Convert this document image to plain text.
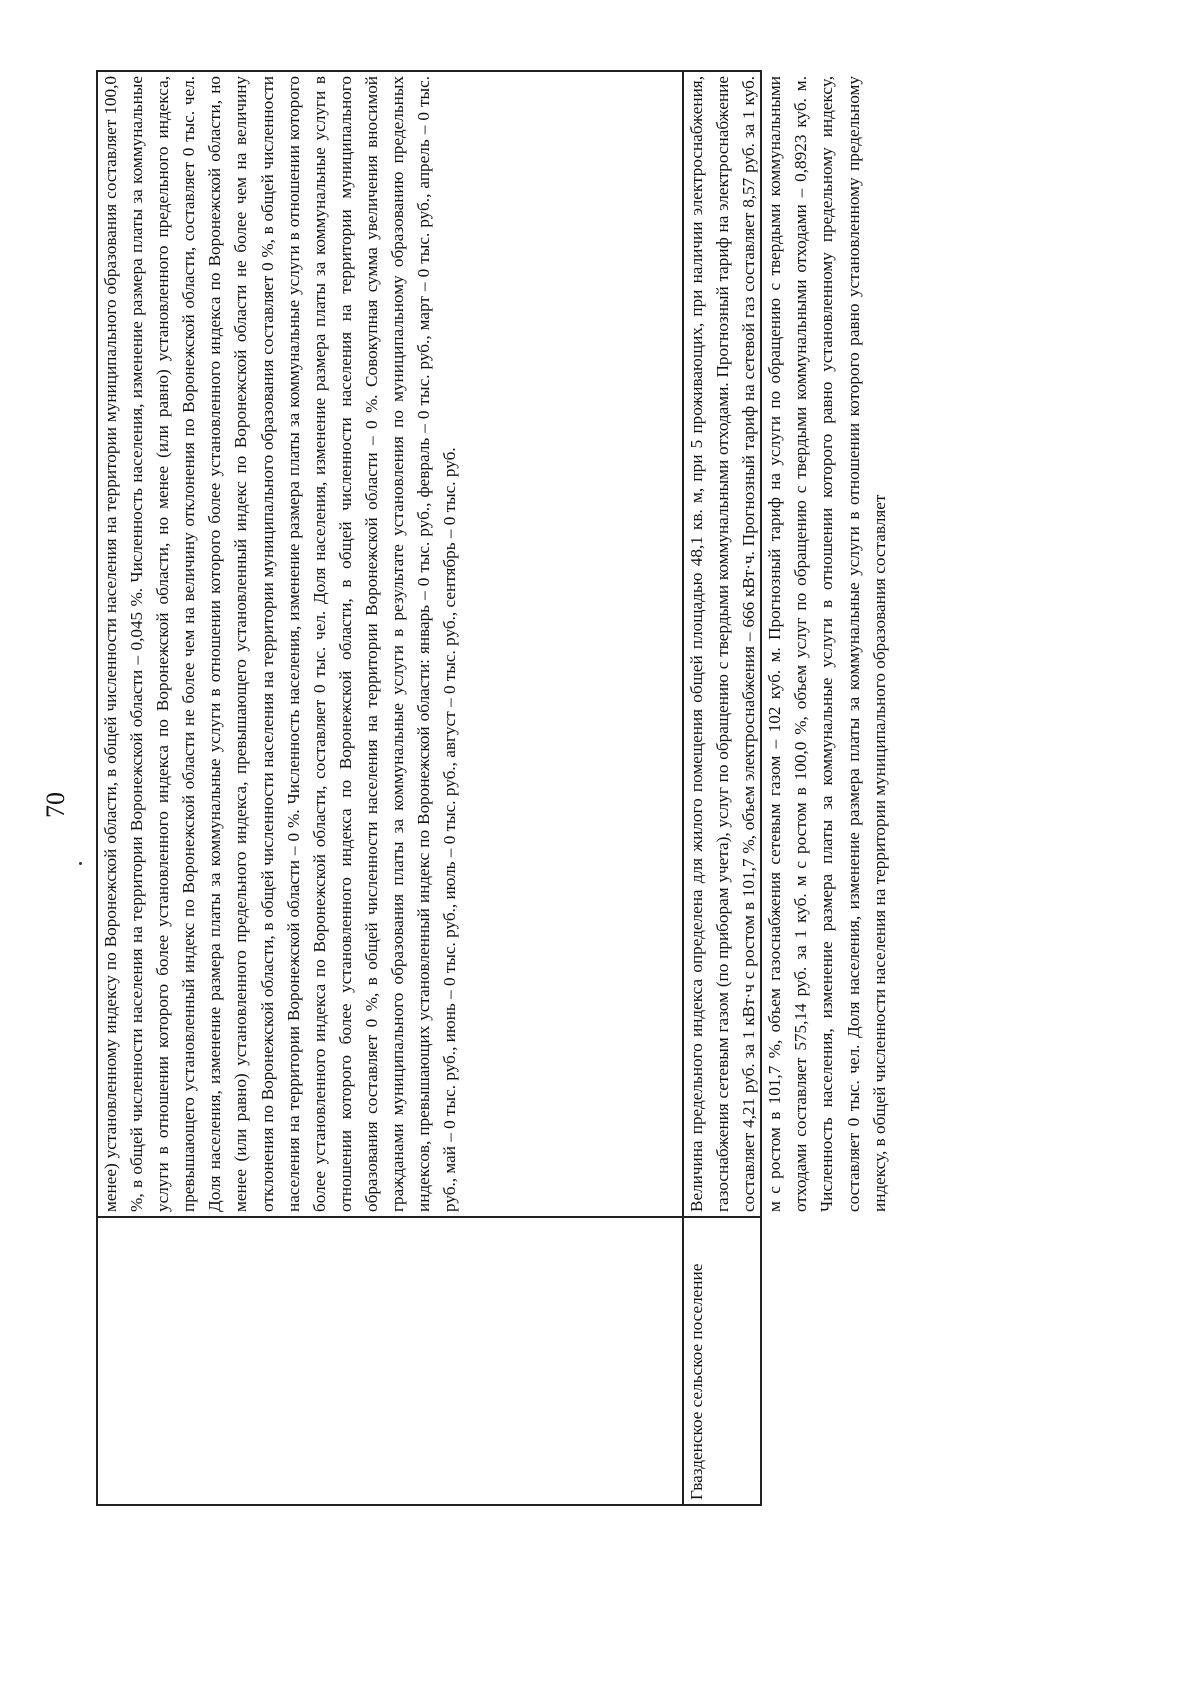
70
	менее) установленному индексу по Воронежской области, в общей численности населения на территории муниципального образования составляет 100,0 %, в общей численности населения на территории Воронежской области – 0,045 %. Численность населения, изменение размера платы за коммунальные услуги в отношении которого более установленного индекса по Воронежской области, но менее (или равно) установленного предельного индекса, превышающего установленный индекс по Воронежской области не более чем на величину отклонения по Воронежской области, составляет 0 тыс. чел. Доля населения, изменение размера платы за коммунальные услуги в отношении которого более установленного индекса по Воронежской области, но менее (или равно) установленного предельного индекса, превышающего установленный индекс по Воронежской области не более чем на величину отклонения по Воронежской области, в общей численности населения на территории муниципального образования составляет 0 %, в общей численности населения на территории Воронежской области – 0 %. Численность населения, изменение размера платы за коммунальные услуги в отношении которого более установленного индекса по Воронежской области, составляет 0 тыс. чел. Доля населения, изменение размера платы за коммунальные услуги в отношении которого более установленного индекса по Воронежской области, в общей численности населения на территории муниципального образования составляет 0 %, в общей численности населения на территории Воронежской области – 0 %. Совокупная сумма увеличения вносимой гражданами муниципального образования платы за коммунальные услуги в результате установления по муниципальному образованию предельных индексов, превышающих установленный индекс по Воронежской области: январь – 0 тыс. руб., февраль – 0 тыс. руб., март – 0 тыс. руб., апрель – 0 тыс. руб., май – 0 тыс. руб., июнь – 0 тыс. руб., июль – 0 тыс. руб., август – 0 тыс. руб., сентябрь – 0 тыс. руб.
Гвазденское сельское поселение	Величина предельного индекса определена для жилого помещения общей площадью 48,1 кв. м, при 5 проживающих, при наличии электроснабжения, газоснабжения сетевым газом (по приборам учета), услуг по обращению с твердыми коммунальными отходами. Прогнозный тариф на электроснабжение составляет 4,21 руб. за 1 кВт·ч с ростом в 101,7 %, объем электроснабжения – 666 кВт·ч. Прогнозный тариф на сетевой газ составляет 8,57 руб. за 1 куб. м с ростом в 101,7 %, объем газоснабжения сетевым газом – 102 куб. м. Прогнозный тариф на услуги по обращению с твердыми коммунальными отходами составляет 575,14 руб. за 1 куб. м с ростом в 100,0 %, объем услуг по обращению с твердыми коммунальными отходами – 0,8923 куб. м. Численность населения, изменение размера платы за коммунальные услуги в отношении которого равно установленному предельному индексу, составляет 0 тыс. чел. Доля населения, изменение размера платы за коммунальные услуги в отношении которого равно установленному предельному индексу, в общей численности населения на территории муниципального образования составляет
